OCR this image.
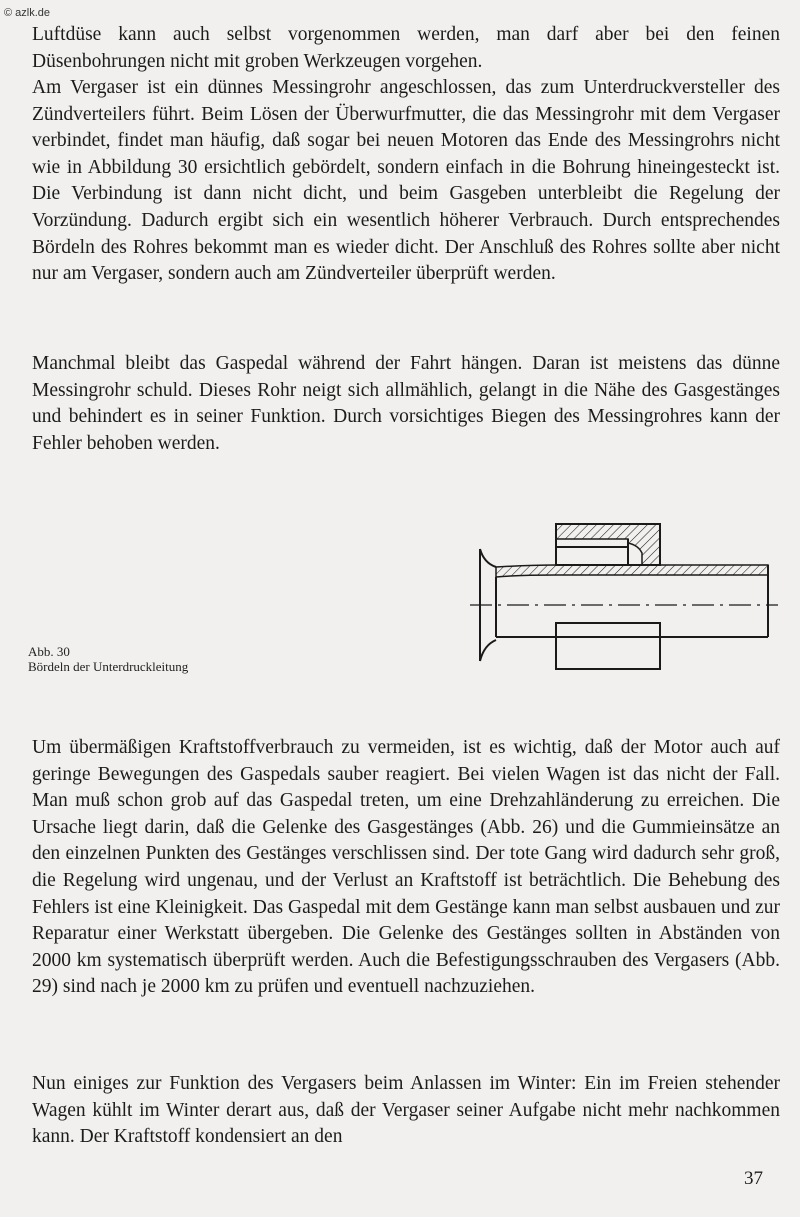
© azlk.de

Luftdüse kann auch selbst vorgenommen werden, man darf aber bei den feinen Düsenbohrungen nicht mit groben Werkzeugen vorgehen.

Am Vergaser ist ein dünnes Messingrohr angeschlossen, das zum Unterdruckversteller des Zündverteilers führt. Beim Lösen der Überwurfmutter, die das Messingrohr mit dem Vergaser verbindet, findet man häufig, daß sogar bei neuen Motoren das Ende des Messingrohrs nicht wie in Abbildung 30 ersichtlich gebördelt, sondern einfach in die Bohrung hineingesteckt ist. Die Verbindung ist dann nicht dicht, und beim Gasgeben unterbleibt die Regelung der Vorzündung. Dadurch ergibt sich ein wesentlich höherer Verbrauch. Durch entsprechendes Bördeln des Rohres bekommt man es wieder dicht. Der Anschluß des Rohres sollte aber nicht nur am Vergaser, sondern auch am Zündverteiler überprüft werden.

Manchmal bleibt das Gaspedal während der Fahrt hängen. Daran ist meistens das dünne Messingrohr schuld. Dieses Rohr neigt sich allmählich, gelangt in die Nähe des Gasgestänges und behindert es in seiner Funktion. Durch vorsichtiges Biegen des Messingrohres kann der Fehler behoben werden.

Abb. 30
Bördeln der Unterdruckleitung

Um übermäßigen Kraftstoffverbrauch zu vermeiden, ist es wichtig, daß der Motor auch auf geringe Bewegungen des Gaspedals sauber reagiert. Bei vielen Wagen ist das nicht der Fall. Man muß schon grob auf das Gaspedal treten, um eine Drehzahländerung zu erreichen. Die Ursache liegt darin, daß die Gelenke des Gasgestänges (Abb. 26) und die Gummieinsätze an den einzelnen Punkten des Gestänges verschlissen sind. Der tote Gang wird dadurch sehr groß, die Regelung wird ungenau, und der Verlust an Kraftstoff ist beträchtlich. Die Behebung des Fehlers ist eine Kleinigkeit. Das Gaspedal mit dem Gestänge kann man selbst ausbauen und zur Reparatur einer Werkstatt übergeben. Die Gelenke des Gestänges sollten in Abständen von 2000 km systematisch überprüft werden. Auch die Befestigungsschrauben des Vergasers (Abb. 29) sind nach je 2000 km zu prüfen und eventuell nachzuziehen.

Nun einiges zur Funktion des Vergasers beim Anlassen im Winter: Ein im Freien stehender Wagen kühlt im Winter derart aus, daß der Vergaser seiner Aufgabe nicht mehr nachkommen kann. Der Kraftstoff kondensiert an den

37
